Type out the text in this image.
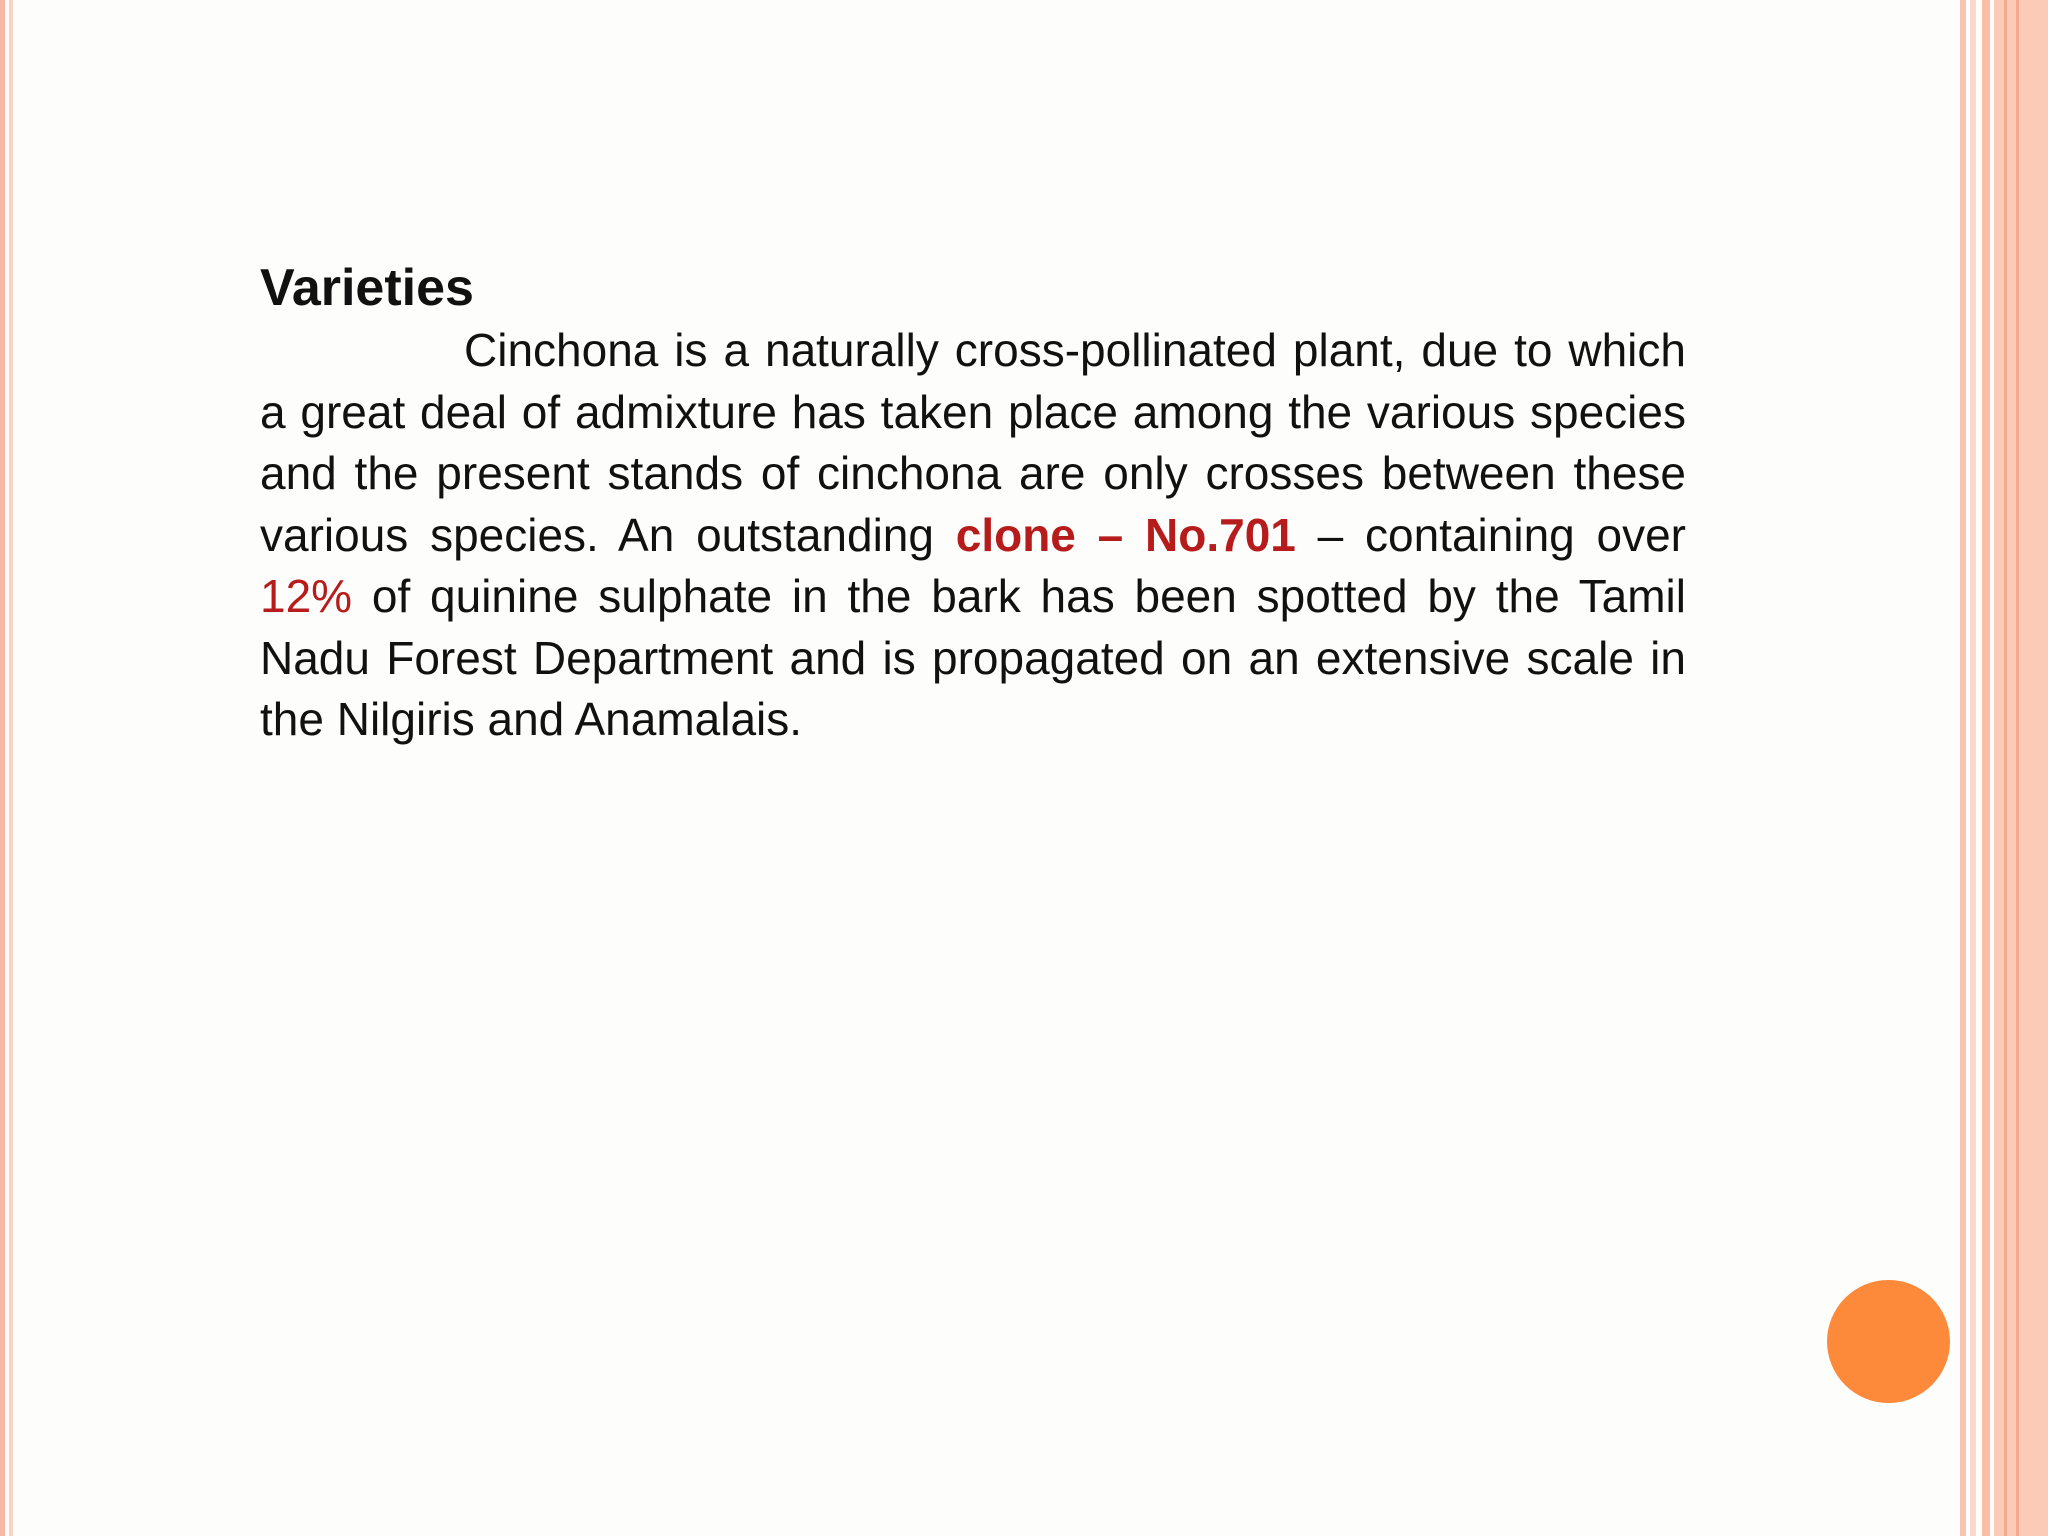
Varieties

Cinchona is a naturally cross-pollinated plant, due to which a great deal of admixture has taken place among the various species and the present stands of cinchona are only crosses between these various species. An outstanding clone – No.701 – containing over 12% of quinine sulphate in the bark has been spotted by the Tamil Nadu Forest Department and is propagated on an extensive scale in the Nilgiris and Anamalais.
